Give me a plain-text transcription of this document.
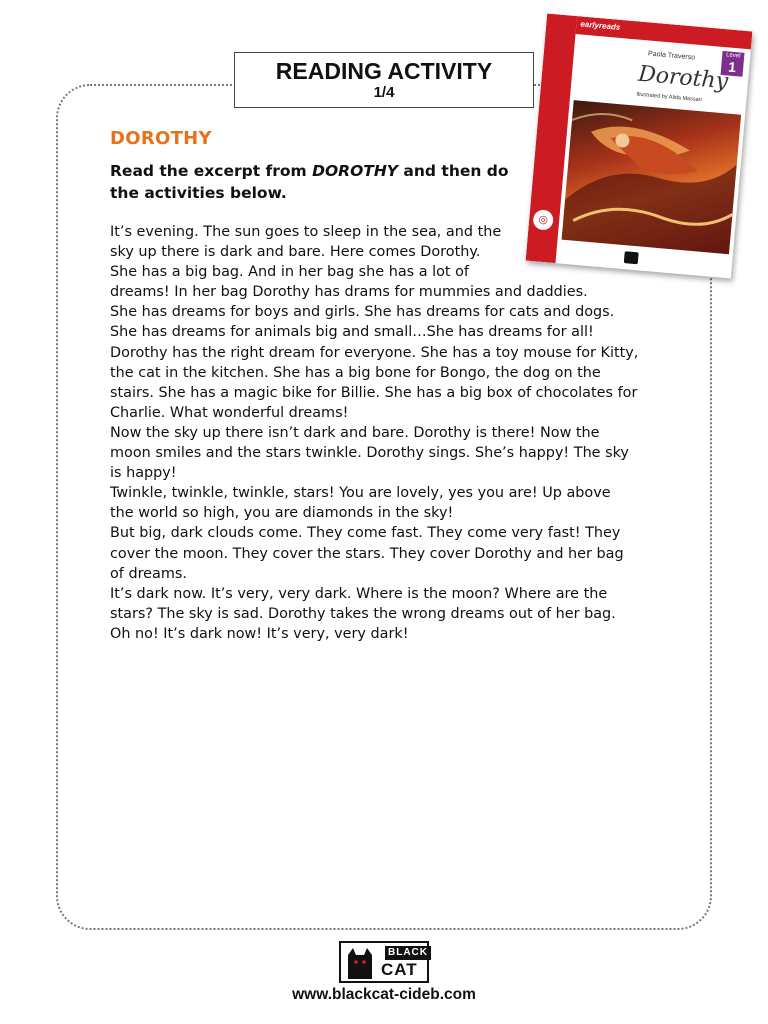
READING ACTIVITY
1/4
earlyreads
Level
1
Paola Traverso
Dorothy
Illustrated by Alida Massari
◎
DOROTHY

Read the excerpt from DOROTHY and then do
the activities below.

It’s evening. The sun goes to sleep in the sea, and the

sky up there is dark and bare. Here comes Dorothy.

She has a big bag. And in her bag she has a lot of

dreams! In her bag Dorothy has drams for mummies and daddies.

She has dreams for boys and girls. She has dreams for cats and dogs.

She has dreams for animals big and small…She has dreams for all!

Dorothy has the right dream for everyone. She has a toy mouse for Kitty,

the cat in the kitchen. She has a big bone for Bongo, the dog on the

stairs. She has a magic bike for Billie. She has a big box of chocolates for

Charlie. What wonderful dreams!

Now the sky up there isn’t dark and bare. Dorothy is there! Now the

moon smiles and the stars twinkle. Dorothy sings. She’s happy! The sky

is happy!

Twinkle, twinkle, twinkle, stars! You are lovely, yes you are! Up above

the world so high, you are diamonds in the sky!

But big, dark clouds come. They come fast. They come very fast! They

cover the moon. They cover the stars. They cover Dorothy and her bag

of dreams.

It’s dark now. It’s very, very dark. Where is the moon? Where are the

stars? The sky is sad. Dorothy takes the wrong dreams out of her bag.

Oh no! It’s dark now! It’s very, very dark!

BLACK
CAT
www.blackcat-cideb.com
